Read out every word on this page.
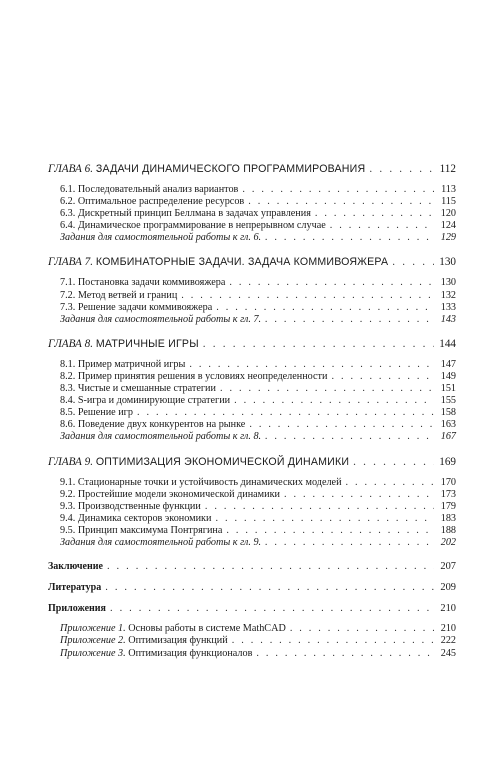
ГЛАВА 6. ЗАДАЧИ ДИНАМИЧЕСКОГО ПРОГРАММИРОВАНИЯ . . .	112
6.1. Последовательный анализ вариантов . . .	113
6.2. Оптимальное распределение ресурсов . . .	115
6.3. Дискретный принцип Беллмана в задачах управления . . .	120
6.4. Динамическое программирование в непрерывном случае . . .	124
Задания для самостоятельной работы к гл. 6. . . .	129
ГЛАВА 7. КОМБИНАТОРНЫЕ ЗАДАЧИ. ЗАДАЧА КОММИВОЯЖЕРА . . .	130
7.1. Постановка задачи коммивояжера . . .	130
7.2. Метод ветвей и границ . . .	132
7.3. Решение задачи коммивояжера . . .	133
Задания для самостоятельной работы к гл. 7. . . .	143
ГЛАВА 8. МАТРИЧНЫЕ ИГРЫ . . .	144
8.1. Пример матричной игры . . .	147
8.2. Пример принятия решения в условиях неопределенности . . .	149
8.3. Чистые и смешанные стратегии . . .	151
8.4. S-игра и доминирующие стратегии . . .	155
8.5. Решение игр . . .	158
8.6. Поведение двух конкурентов на рынке . . .	163
Задания для самостоятельной работы к гл. 8. . . .	167
ГЛАВА 9. ОПТИМИЗАЦИЯ ЭКОНОМИЧЕСКОЙ ДИНАМИКИ . . .	169
9.1. Стационарные точки и устойчивость динамических моделей . . .	170
9.2. Простейшие модели экономической динамики . . .	173
9.3. Производственные функции . . .	179
9.4. Динамика секторов экономики . . .	183
9.5. Принцип максимума Понтрягина . . .	188
Задания для самостоятельной работы к гл. 9. . . .	202
Заключение . . .	207
Литература . . .	209
Приложения . . .	210
Приложение 1. Основы работы в системе MathCAD . . .	210
Приложение 2. Оптимизация функций . . .	222
Приложение 3. Оптимизация функционалов . . .	245
